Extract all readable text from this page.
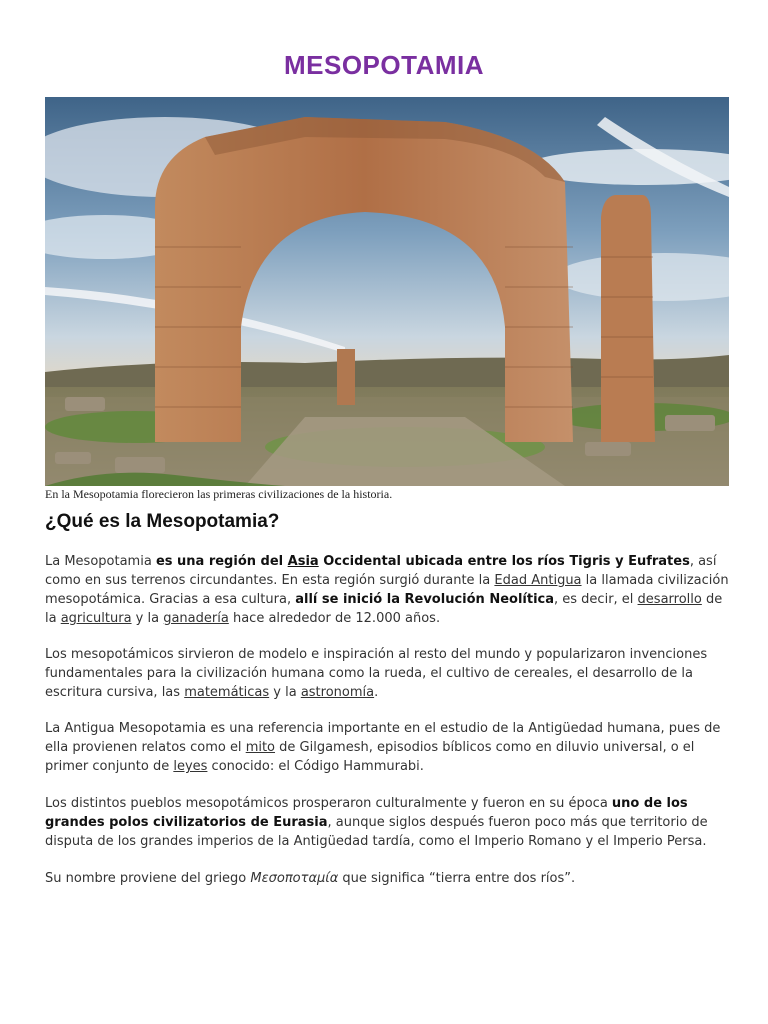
MESOPOTAMIA
En la Mesopotamia florecieron las primeras civilizaciones de la historia.
¿Qué es la Mesopotamia?
La Mesopotamia es una región del Asia Occidental ubicada entre los ríos Tigris y Eufrates, así como en sus terrenos circundantes. En esta región surgió durante la Edad Antigua la llamada civilización mesopotámica. Gracias a esa cultura, allí se inició la Revolución Neolítica, es decir, el desarrollo de la agricultura y la ganadería hace alrededor de 12.000 años.
Los mesopotámicos sirvieron de modelo e inspiración al resto del mundo y popularizaron invenciones fundamentales para la civilización humana como la rueda, el cultivo de cereales, el desarrollo de la escritura cursiva, las matemáticas y la astronomía.
La Antigua Mesopotamia es una referencia importante en el estudio de la Antigüedad humana, pues de ella provienen relatos como el mito de Gilgamesh, episodios bíblicos como en diluvio universal, o el primer conjunto de leyes conocido: el Código Hammurabi.
Los distintos pueblos mesopotámicos prosperaron culturalmente y fueron en su época uno de los grandes polos civilizatorios de Eurasia, aunque siglos después fueron poco más que territorio de disputa de los grandes imperios de la Antigüedad tardía, como el Imperio Romano y el Imperio Persa.
Su nombre proviene del griego Μεσοποταμία que significa “tierra entre dos ríos”.
